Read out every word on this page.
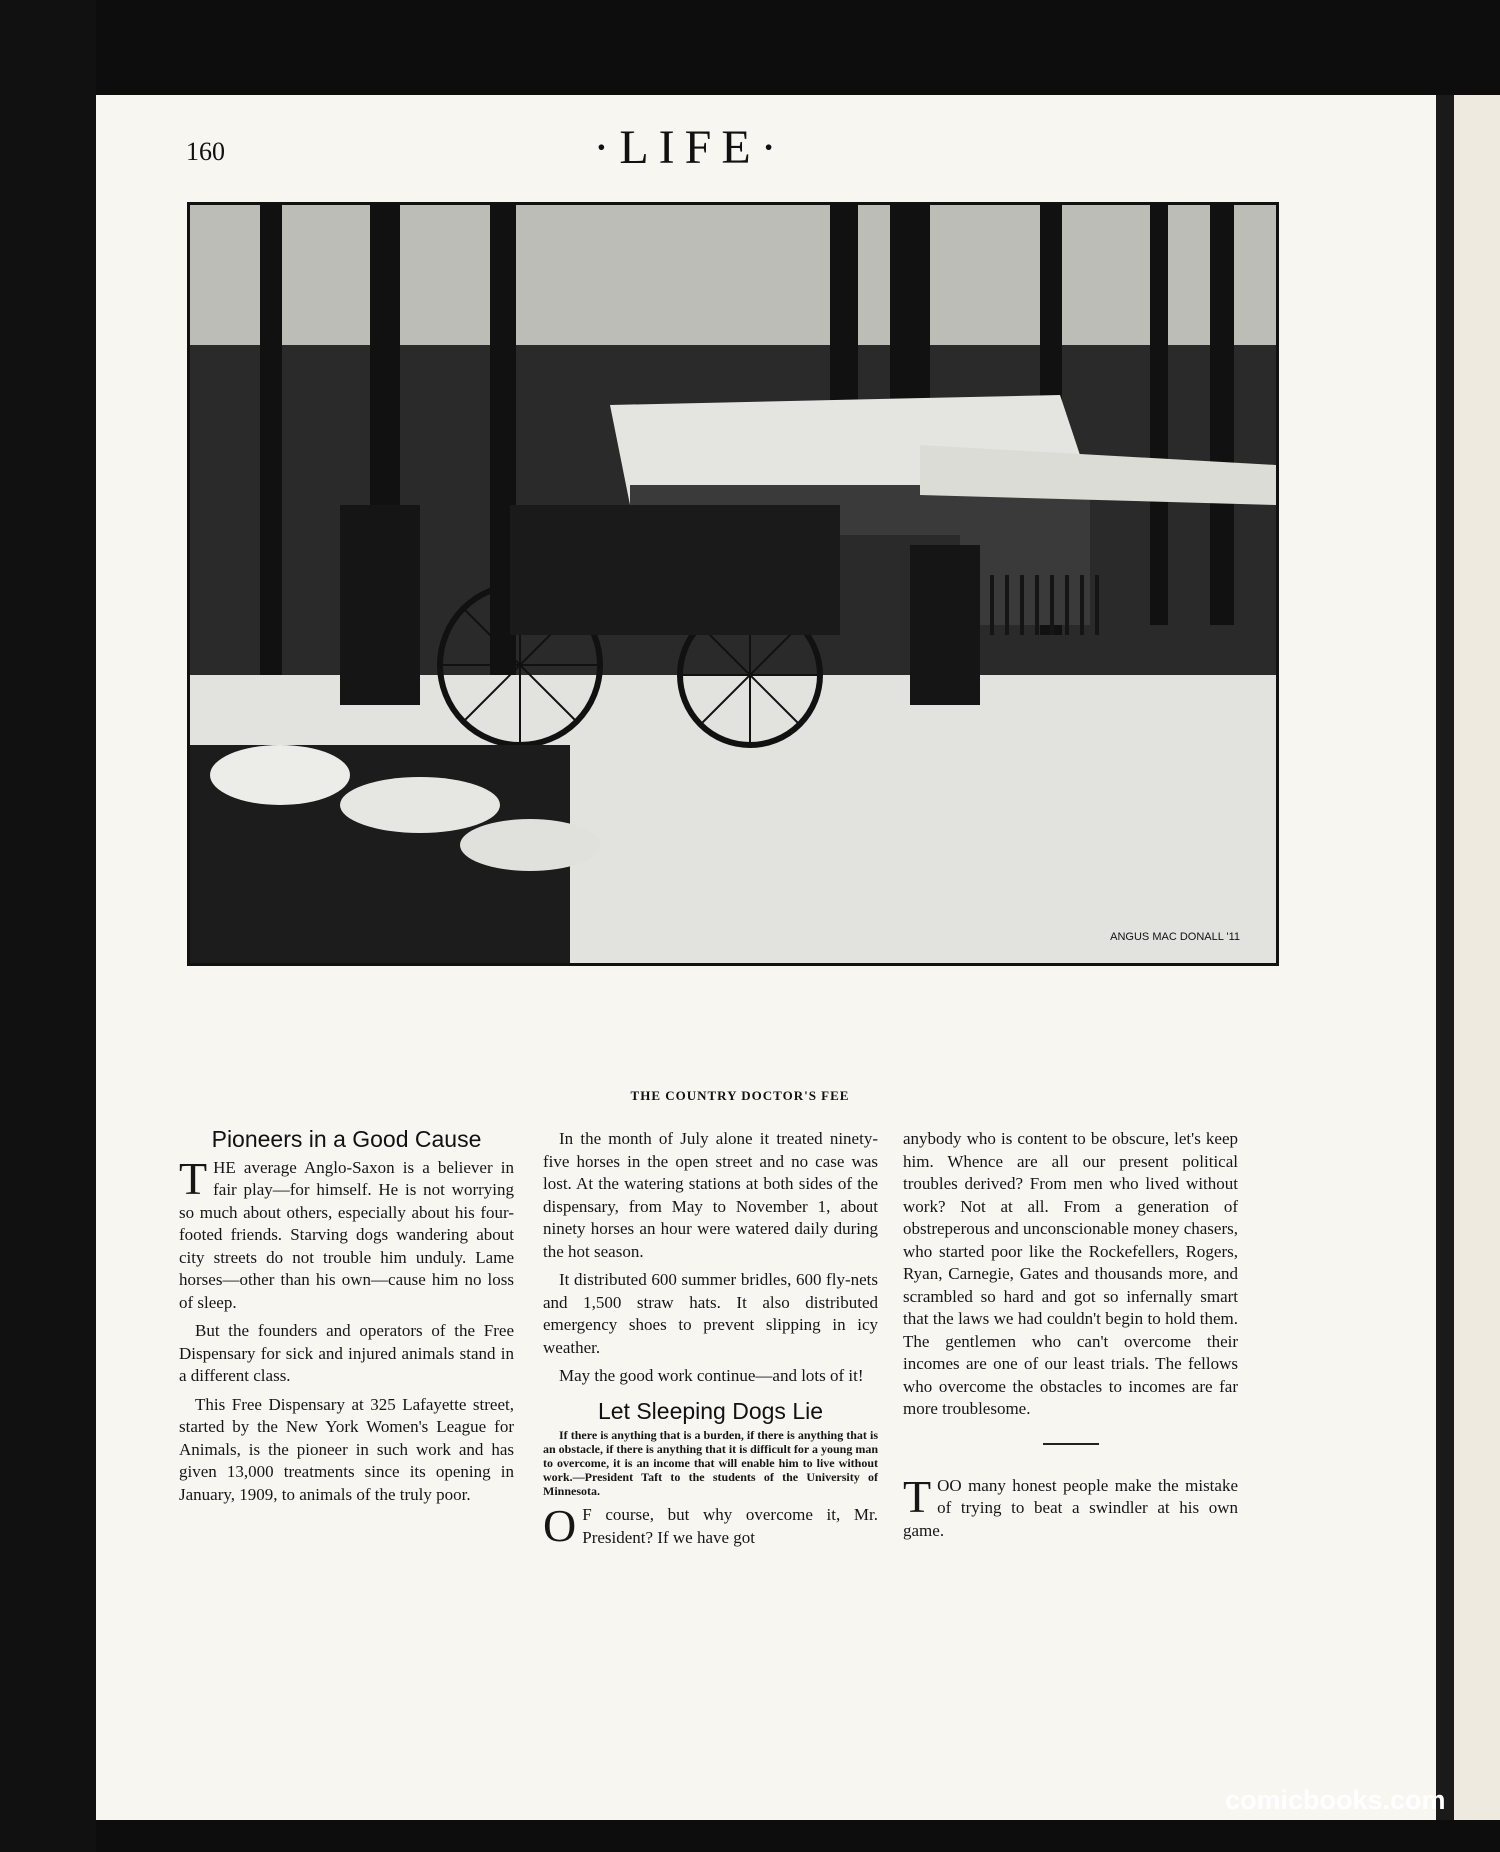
160	·LIFE·
ANGUS MAC DONALL '11
THE COUNTRY DOCTOR'S FEE
Pioneers in a Good Cause

THE average Anglo-Saxon is a believer in fair play—for himself. He is not worrying so much about others, especially about his four-footed friends. Starving dogs wandering about city streets do not trouble him unduly. Lame horses—other than his own—cause him no loss of sleep.

But the founders and operators of the Free Dispensary for sick and injured animals stand in a different class.

This Free Dispensary at 325 Lafayette street, started by the New York Women's League for Animals, is the pioneer in such work and has given 13,000 treatments since its opening in January, 1909, to animals of the truly poor.

In the month of July alone it treated ninety-five horses in the open street and no case was lost. At the watering stations at both sides of the dispensary, from May to November 1, about ninety horses an hour were watered daily during the hot season.

It distributed 600 summer bridles, 600 fly-nets and 1,500 straw hats. It also distributed emergency shoes to prevent slipping in icy weather.

May the good work continue—and lots of it!

Let Sleeping Dogs Lie

If there is anything that is a burden, if there is anything that is an obstacle, if there is anything that it is difficult for a young man to overcome, it is an income that will enable him to live without work.—President Taft to the students of the University of Minnesota.

O F course, but why overcome it, Mr. President? If we have got

anybody who is content to be obscure, let's keep him. Whence are all our present political troubles derived? From men who lived without work? Not at all. From a generation of obstreperous and unconscionable money chasers, who started poor like the Rockefellers, Rogers, Ryan, Carnegie, Gates and thousands more, and scrambled so hard and got so infernally smart that the laws we had couldn't begin to hold them. The gentlemen who can't overcome their incomes are one of our least trials. The fellows who overcome the obstacles to incomes are far more troublesome.

TOO many honest people make the mistake of trying to beat a swindler at his own game.

comicbooks.com
